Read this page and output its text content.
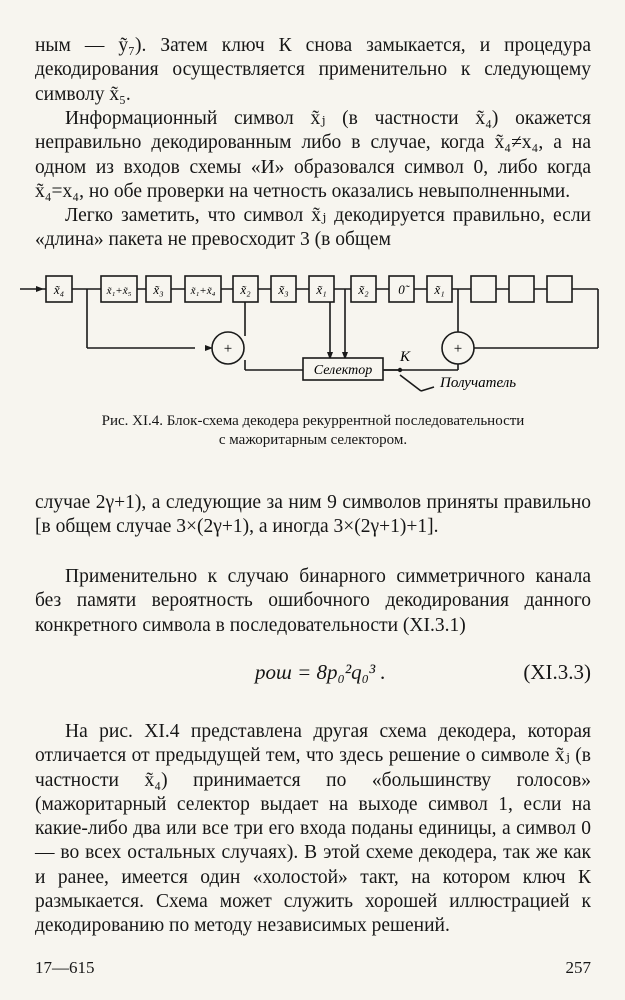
ным — ỹ₇). Затем ключ К снова замыкается, и процедура декодирования осуществляется применительно к следующему символу x̃₅.
Информационный символ x̃ⱼ (в частности x̃₄) окажется неправильно декодированным либо в случае, когда x̃₄≠x₄, а на одном из входов схемы «И» образовался символ 0, либо когда x̃₄=x₄, но обе проверки на четность оказались невыполненными.
Легко заметить, что символ x̃ⱼ декодируется правильно, если «длина» пакета не превосходит 3 (в общем
x̃₄	x̃₁+x̃₅ x̃₃ x̃₁+x̃₄ x̃₂ x̃₃ x̃₁ x̃₂ 0̃	x̃₁
+	+
Селектор
К
Получатель
Рис. XI.4. Блок-схема декодера рекуррентной последовательности
с мажоритарным селектором.
случае 2γ+1), а следующие за ним 9 символов приняты правильно [в общем случае 3×(2γ+1), а иногда 3×(2γ+1)+1].
Применительно к случаю бинарного симметричного канала без памяти вероятность ошибочного декодирования данного конкретного символа в последовательности (XI.3.1)
pош = 8p₀²q₀³ .	(XI.3.3)
На рис. XI.4 представлена другая схема декодера, которая отличается от предыдущей тем, что здесь решение о символе x̃ⱼ (в частности x̃₄) принимается по «большинству голосов» (мажоритарный селектор выдает на выходе символ 1, если на какие-либо два или все три его входа поданы единицы, а символ 0 — во всех остальных случаях). В этой схеме декодера, так же как и ранее, имеется один «холостой» такт, на котором ключ К размыкается. Схема может служить хорошей иллюстрацией к декодированию по методу независимых решений.
17—615	257
